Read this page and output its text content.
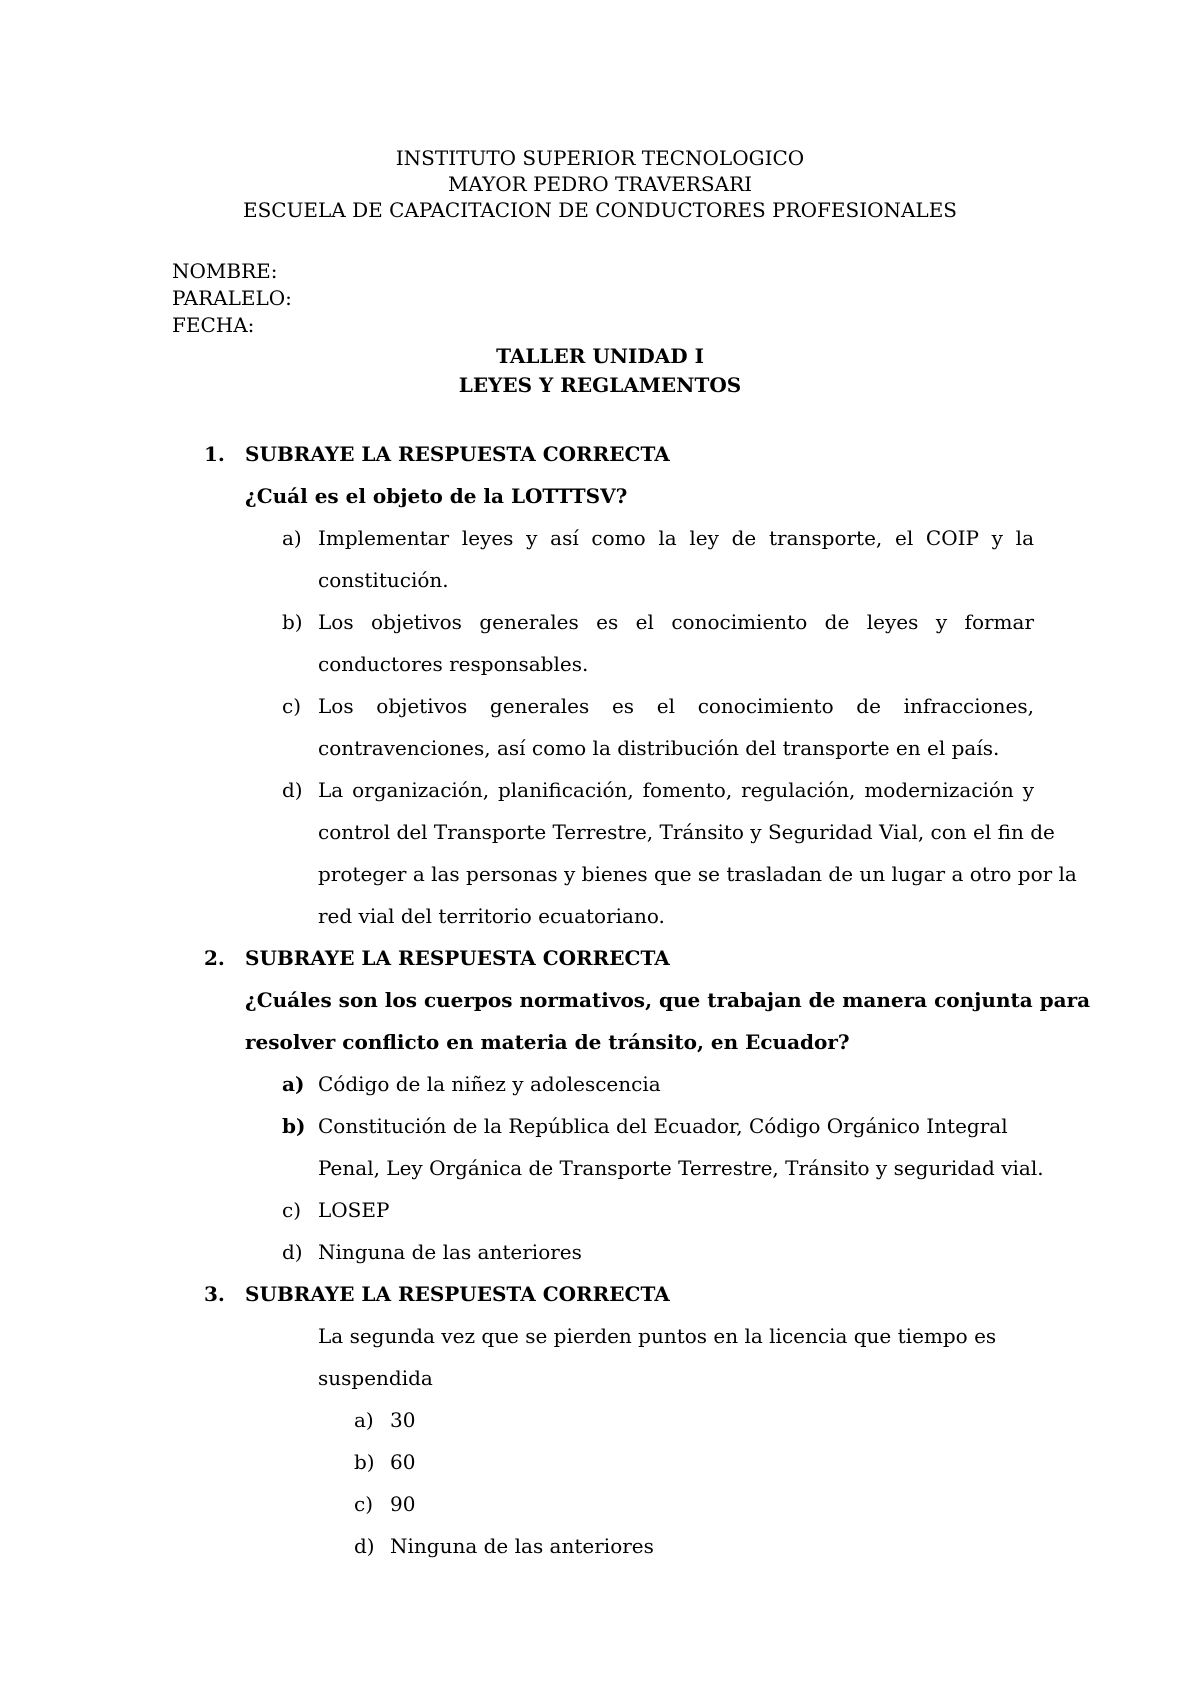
INSTITUTO SUPERIOR TECNOLOGICO
MAYOR PEDRO TRAVERSARI
ESCUELA DE CAPACITACION DE CONDUCTORES PROFESIONALES
NOMBRE:
PARALELO:
FECHA:
TALLER UNIDAD I
LEYES Y REGLAMENTOS
1. SUBRAYE LA RESPUESTA CORRECTA
¿Cuál es el objeto de la LOTTTSV?
a) Implementar leyes y así como la ley de transporte, el COIP y la
constitución.
b) Los objetivos generales es el conocimiento de leyes y formar
conductores responsables.
c) Los objetivos generales es el conocimiento de infracciones,
contravenciones, así como la distribución del transporte en el país.
d) La organización, planificación, fomento, regulación, modernización y
control del Transporte Terrestre, Tránsito y Seguridad Vial, con el fin de
proteger a las personas y bienes que se trasladan de un lugar a otro por la
red vial del territorio ecuatoriano.
2. SUBRAYE LA RESPUESTA CORRECTA
¿Cuáles son los cuerpos normativos, que trabajan de manera conjunta para
resolver conflicto en materia de tránsito, en Ecuador?
a) Código de la niñez y adolescencia
b) Constitución de la República del Ecuador, Código Orgánico Integral
Penal, Ley Orgánica de Transporte Terrestre, Tránsito y seguridad vial.
c) LOSEP
d) Ninguna de las anteriores
3. SUBRAYE LA RESPUESTA CORRECTA
La segunda vez que se pierden puntos en la licencia que tiempo es
suspendida
a) 30
b) 60
c) 90
d) Ninguna de las anteriores
